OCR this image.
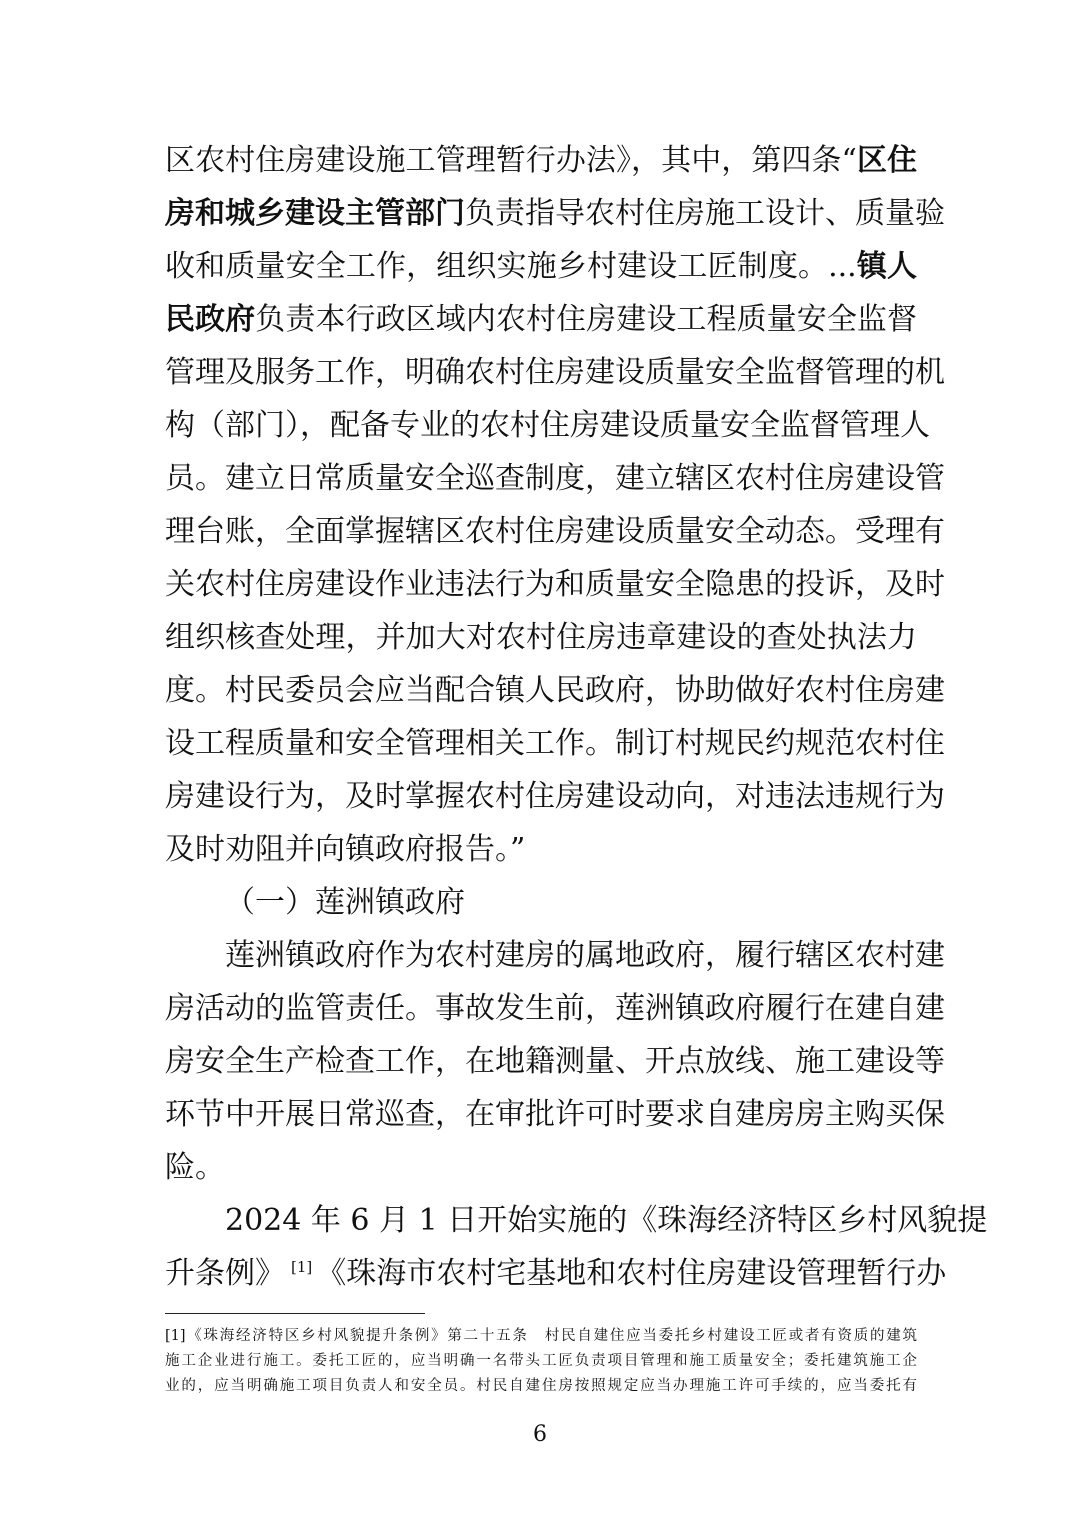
区农村住房建设施工管理暂行办法》，其中，第四条“区住
房和城乡建设主管部门负责指导农村住房施工设计、质量验
收和质量安全工作，组织实施乡村建设工匠制度。...镇人
民政府负责本行政区域内农村住房建设工程质量安全监督
管理及服务工作，明确农村住房建设质量安全监督管理的机
构（部门），配备专业的农村住房建设质量安全监督管理人
员。建立日常质量安全巡查制度，建立辖区农村住房建设管
理台账，全面掌握辖区农村住房建设质量安全动态。受理有
关农村住房建设作业违法行为和质量安全隐患的投诉，及时
组织核查处理，并加大对农村住房违章建设的查处执法力
度。村民委员会应当配合镇人民政府，协助做好农村住房建
设工程质量和安全管理相关工作。制订村规民约规范农村住
房建设行为，及时掌握农村住房建设动向，对违法违规行为
及时劝阻并向镇政府报告。”
（一）莲洲镇政府
莲洲镇政府作为农村建房的属地政府，履行辖区农村建
房活动的监管责任。事故发生前，莲洲镇政府履行在建自建
房安全生产检查工作，在地籍测量、开点放线、施工建设等
环节中开展日常巡查，在审批许可时要求自建房房主购买保
险。
2024 年 6 月 1 日开始实施的《珠海经济特区乡村风貌提
升条例》 [1] 《珠海市农村宅基地和农村住房建设管理暂行办
[1]《珠海经济特区乡村风貌提升条例》第二十五条　村民自建住应当委托乡村建设工匠或者有资质的建筑
施工企业进行施工。委托工匠的，应当明确一名带头工匠负责项目管理和施工质量安全；委托建筑施工企
业的，应当明确施工项目负责人和安全员。村民自建住房按照规定应当办理施工许可手续的，应当委托有
6
